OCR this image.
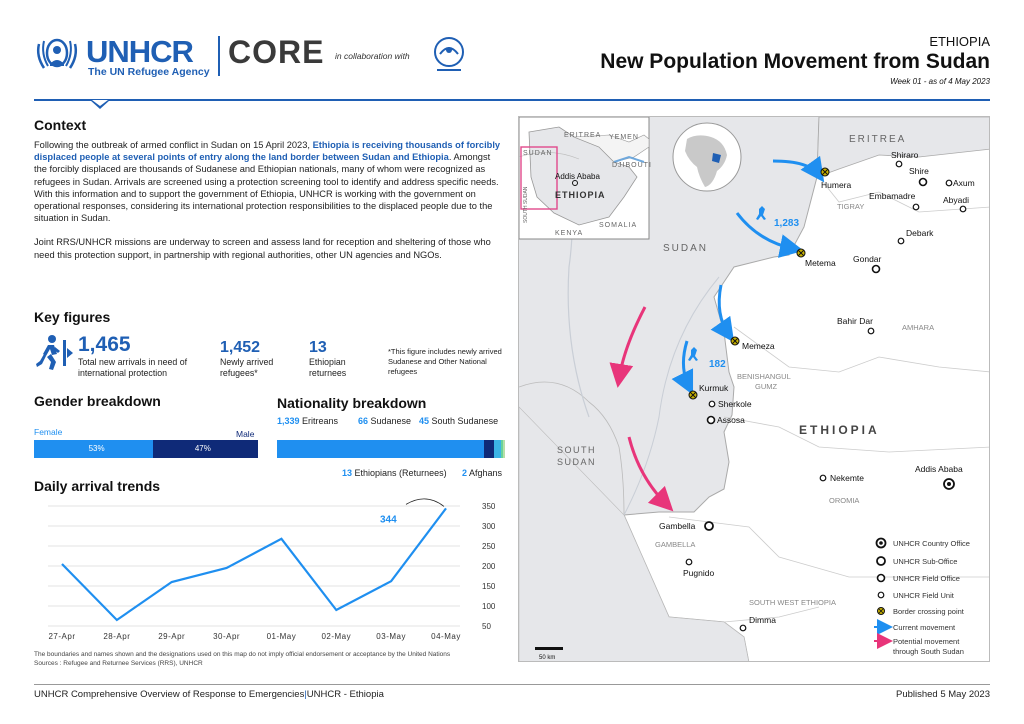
UNHCR
The UN Refugee Agency
CORE in collaboration with
ETHIOPIA
New Population Movement from Sudan
Week 01 - as of 4 May 2023
Context

Following the outbreak of armed conflict in Sudan on 15 April 2023, Ethiopia is receiving thousands of forcibly displaced people at several points of entry along the land border between Sudan and Ethiopia. Amongst the forcibly displaced are thousands of Sudanese and Ethiopian nationals, many of whom were recognized as refugees in Sudan. Arrivals are screened using a protection screening tool to identify and address specific needs. With this information and to support the government of Ethiopia, UNHCR is working with the government on operational responses, considering its international protection responsibilities to the displaced people due to the situation in Sudan.

Joint RRS/UNHCR missions are underway to screen and assess land for reception and sheltering of those who need this protection support, in partnership with regional authorities, other UN agencies and NGOs.

Key figures
1,465
Total new arrivals in need of international protection
1,452
Newly arrived refugees*
13
Ethiopian returnees
*This figure includes newly arrived Sudanese and Other National refugees
Gender breakdown
Female	Male
53%	47%
Nationality breakdown
1,339 Eritreans 66 Sudanese 45 South Sudanese
13 Ethiopians (Returnees) 2 Afghans
Daily arrival trends
350
300
250
200
150
100
50
27-Apr	28-Apr	29-Apr	30-Apr	01-May	02-May	03-May	04-May
344
ERITREA YEMEN
SUDAN
DJIBOUTI
Addis Ababa
ETHIOPIA
KENYA
SOMALIA
SOUTH SUDAN
ERITREA
SUDAN
SOUTH
SUDAN
ETHIOPIA
TIGRAY
AMHARA
BENISHANGUL
GUMZ
OROMIA
GAMBELLA
SOUTH WEST ETHIOPIA
1,283
182
Humera
Shiraro
Shire
Axum
Embamadre	Abyadi
Debark
Metema Gondar
Bahir Dar
Memeza
Kurmuk
Sherkole
Assosa
Nekemte
Addis Ababa
Gambella
Pugnido
Dimma
50 km
UNHCR Country Office
UNHCR Sub-Office
UNHCR Field Office
UNHCR Field Unit
Border crossing point
Current movement
Potential movement
through South Sudan
The boundaries and names shown and the designations used on this map do not imply official endorsement or acceptance by the United Nations
Sources : Refugee and Returnee Services (RRS), UNHCR
UNHCR Comprehensive Overview of Response to Emergencies|UNHCR - Ethiopia	Published 5 May 2023
